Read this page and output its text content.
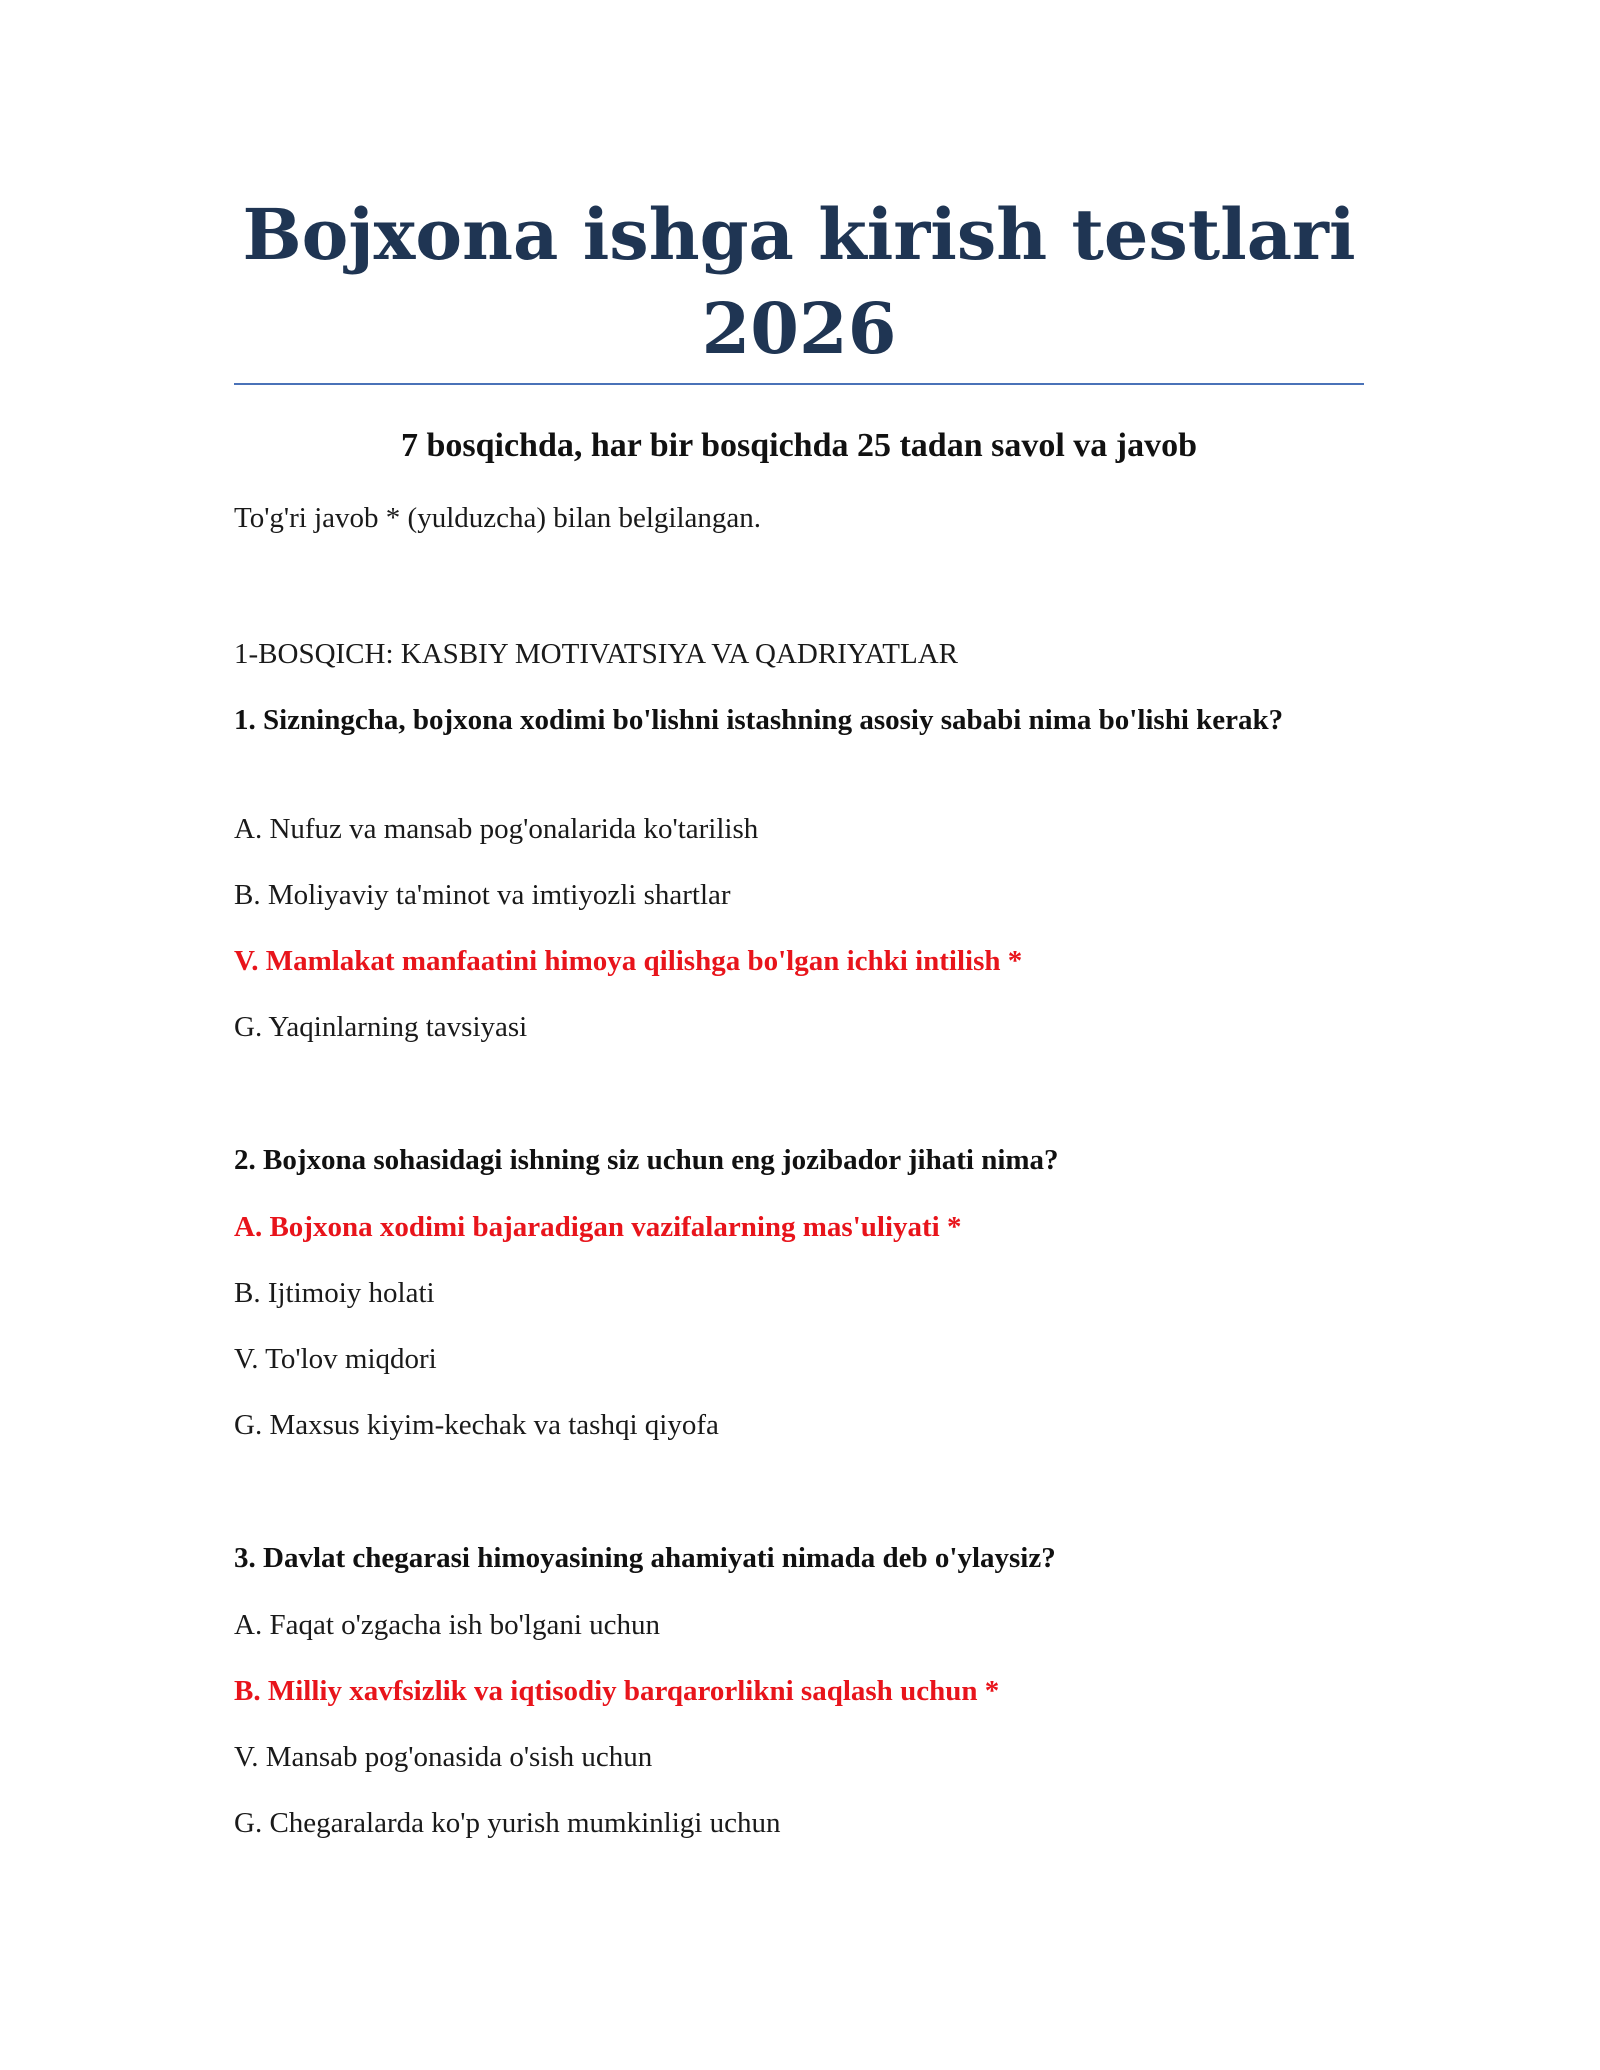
Bojxona ishga kirish testlari
2026

7 bosqichda, har bir bosqichda 25 tadan savol va javob

To'g'ri javob * (yulduzcha) bilan belgilangan.

1-BOSQICH: KASBIY MOTIVATSIYA VA QADRIYATLAR

1. Sizningcha, bojxona xodimi bo'lishni istashning asosiy sababi nima bo'lishi kerak?

A. Nufuz va mansab pog'onalarida ko'tarilish

B. Moliyaviy ta'minot va imtiyozli shartlar

V. Mamlakat manfaatini himoya qilishga bo'lgan ichki intilish *

G. Yaqinlarning tavsiyasi

2. Bojxona sohasidagi ishning siz uchun eng jozibador jihati nima?

A. Bojxona xodimi bajaradigan vazifalarning mas'uliyati *

B. Ijtimoiy holati

V. To'lov miqdori

G. Maxsus kiyim-kechak va tashqi qiyofa

3. Davlat chegarasi himoyasining ahamiyati nimada deb o'ylaysiz?

A. Faqat o'zgacha ish bo'lgani uchun

B. Milliy xavfsizlik va iqtisodiy barqarorlikni saqlash uchun *

V. Mansab pog'onasida o'sish uchun

G. Chegaralarda ko'p yurish mumkinligi uchun
